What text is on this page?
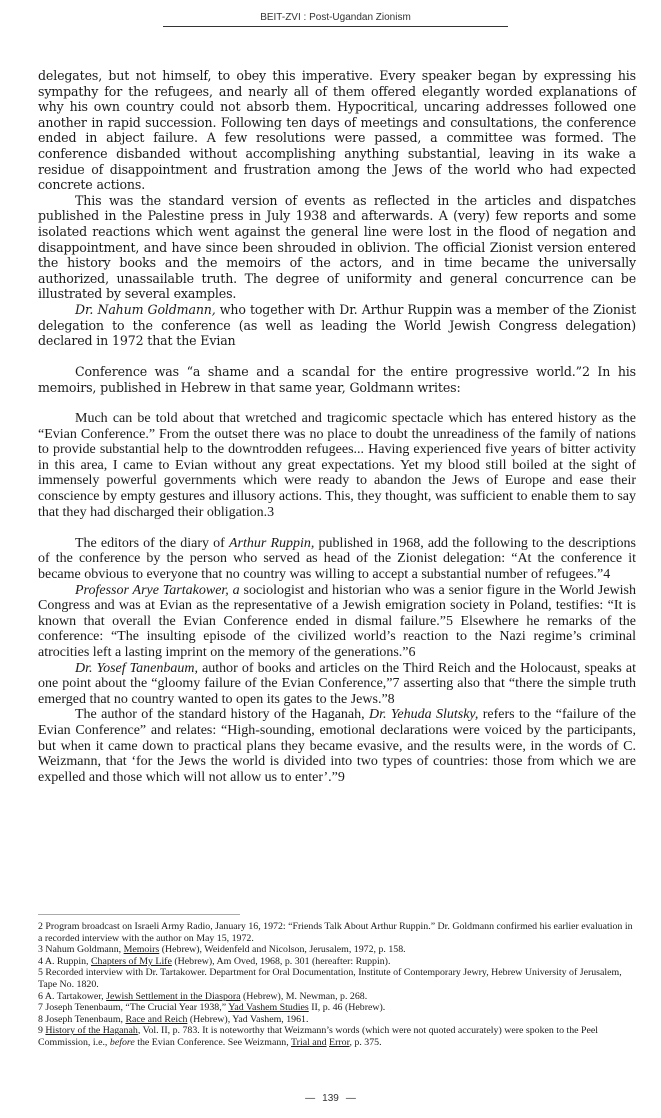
BEIT-ZVI : Post-Ugandan Zionism

delegates, but not himself, to obey this imperative. Every speaker began by expressing his sympathy for the refugees, and nearly all of them offered elegantly worded explanations of why his own country could not absorb them. Hypocritical, uncaring addresses followed one another in rapid succession. Following ten days of meetings and consultations, the conference ended in abject failure. A few resolutions were passed, a committee was formed. The conference disbanded without accomplishing anything substantial, leaving in its wake a residue of disappointment and frustration among the Jews of the world who had expected concrete actions.

This was the standard version of events as reflected in the articles and dispatches published in the Palestine press in July 1938 and afterwards. A (very) few reports and some isolated reactions which went against the general line were lost in the flood of negation and disappointment, and have since been shrouded in oblivion. The official Zionist version entered the history books and the memoirs of the actors, and in time became the universally authorized, unassailable truth. The degree of uniformity and general concurrence can be illustrated by several examples.

Dr. Nahum Goldmann, who together with Dr. Arthur Ruppin was a member of the Zionist delegation to the conference (as well as leading the World Jewish Congress delegation) declared in 1972 that the Evian

Conference was “a shame and a scandal for the entire progressive world.”2 In his memoirs, published in Hebrew in that same year, Goldmann writes:

Much can be told about that wretched and tragicomic spectacle which has entered history as the “Evian Conference.” From the outset there was no place to doubt the unreadiness of the family of nations to provide substantial help to the downtrodden refugees... Having experienced five years of bitter activity in this area, I came to Evian without any great expectations. Yet my blood still boiled at the sight of immensely powerful governments which were ready to abandon the Jews of Europe and ease their conscience by empty gestures and illusory actions. This, they thought, was sufficient to enable them to say that they had discharged their obligation.3

The editors of the diary of Arthur Ruppin, published in 1968, add the following to the descriptions of the conference by the person who served as head of the Zionist delegation: “At the conference it became obvious to everyone that no country was willing to accept a substantial number of refugees.”4

Professor Arye Tartakower, a sociologist and historian who was a senior figure in the World Jewish Congress and was at Evian as the representative of a Jewish emigration society in Poland, testifies: “It is known that overall the Evian Conference ended in dismal failure.”5 Elsewhere he remarks of the conference: “The insulting episode of the civilized world’s reaction to the Nazi regime’s criminal atrocities left a lasting imprint on the memory of the generations.”6

Dr. Yosef Tanenbaum, author of books and articles on the Third Reich and the Holocaust, speaks at one point about the “gloomy failure of the Evian Conference,”7 asserting also that “there the simple truth emerged that no country wanted to open its gates to the Jews.”8

The author of the standard history of the Haganah, Dr. Yehuda Slutsky, refers to the “failure of the Evian Conference” and relates: “High-sounding, emotional declarations were voiced by the participants, but when it came down to practical plans they became evasive, and the results were, in the words of C. Weizmann, that ‘for the Jews the world is divided into two types of countries: those from which we are expelled and those which will not allow us to enter’.”9

2 Program broadcast on Israeli Army Radio, January 16, 1972: “Friends Talk About Arthur Ruppin.” Dr. Goldmann confirmed his earlier evaluation in a recorded interview with the author on May 15, 1972.

3 Nahum Goldmann, Memoirs (Hebrew), Weidenfeld and Nicolson, Jerusalem, 1972, p. 158.

4 A. Ruppin, Chapters of My Life (Hebrew), Am Oved, 1968, p. 301 (hereafter: Ruppin).

5 Recorded interview with Dr. Tartakower. Department for Oral Documentation, Institute of Contemporary Jewry, Hebrew University of Jerusalem, Tape No. 1820.

6 A. Tartakower, Jewish Settlement in the Diaspora (Hebrew), M. Newman, p. 268.

7 Joseph Tenenbaum, “The Crucial Year 1938,” Yad Vashem Studies II, p. 46 (Hebrew).

8 Joseph Tenenbaum, Race and Reich (Hebrew), Yad Vashem, 1961.

9 History of the Haganah, Vol. II, p. 783. It is noteworthy that Weizmann’s words (which were not quoted accurately) were spoken to the Peel Commission, i.e., before the Evian Conference. See Weizmann, Trial and Error, p. 375.

— 139 —
